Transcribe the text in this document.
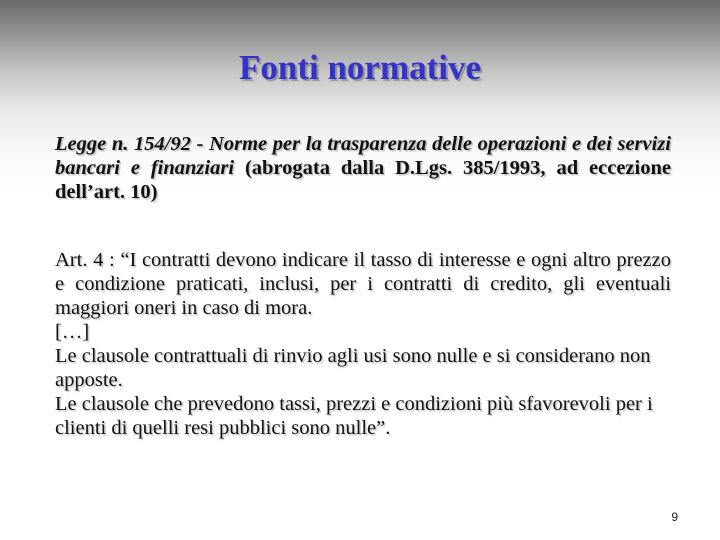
Fonti normative

Legge n. 154/92 - Norme per la trasparenza delle operazioni e dei servizi bancari e finanziari (abrogata dalla D.Lgs. 385/1993, ad eccezione dell’art. 10)

Art. 4 : “I contratti devono indicare il tasso di interesse e ogni altro prezzo e condizione praticati, inclusi, per i contratti di credito, gli eventuali maggiori oneri in caso di mora.
[…]
Le clausole contrattuali di rinvio agli usi sono nulle e si considerano non apposte.
Le clausole che prevedono tassi, prezzi e condizioni più sfavorevoli per i clienti di quelli resi pubblici sono nulle”.
9
